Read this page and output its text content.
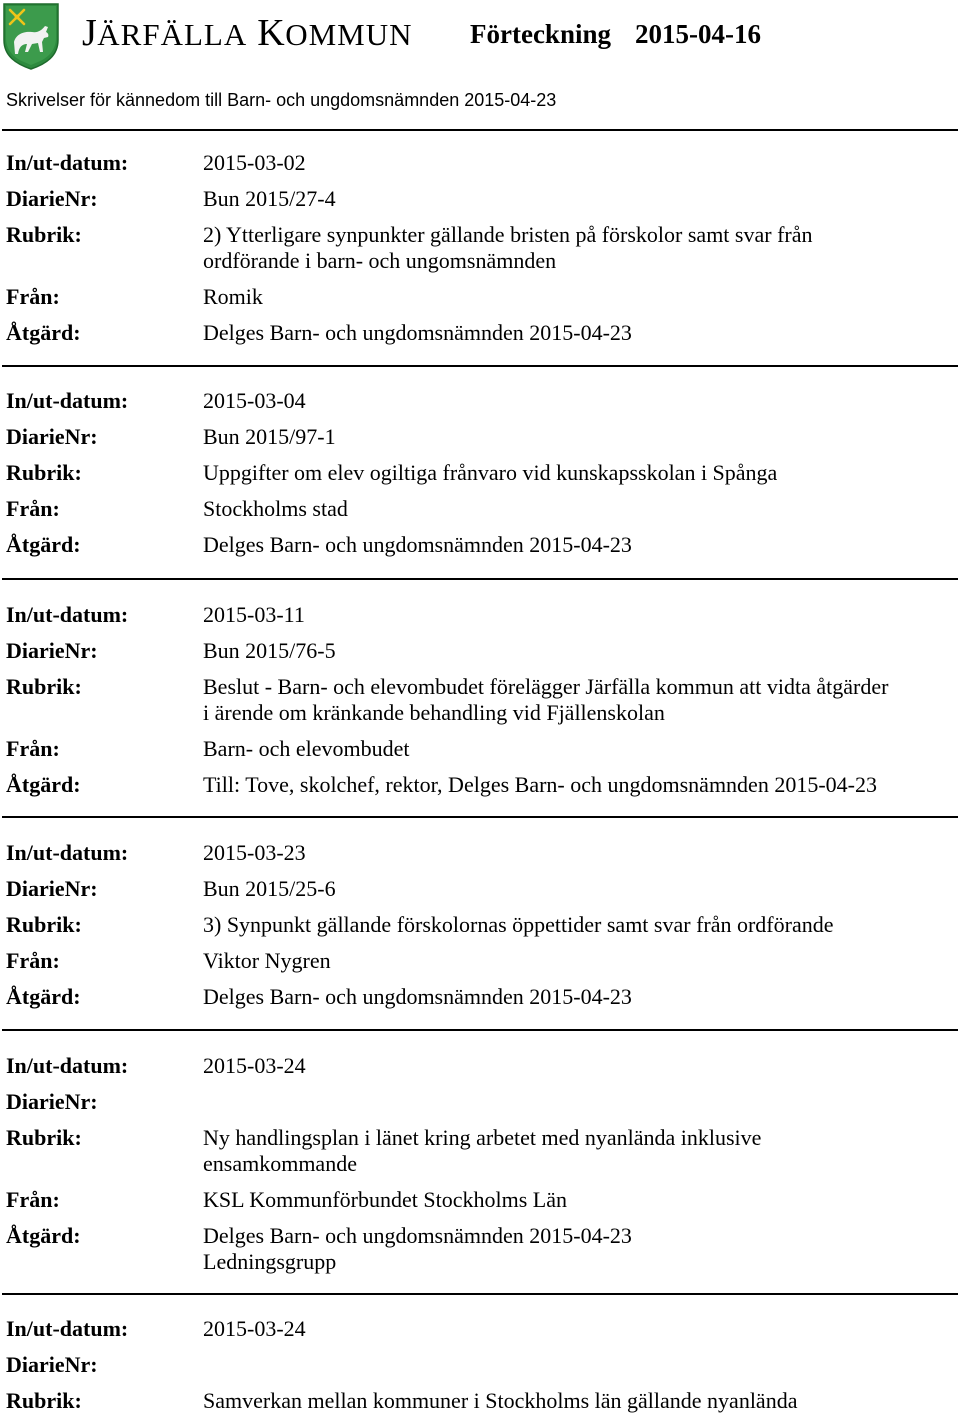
JÄRFÄLLA KOMMUN Förteckning 2015-04-16
Skrivelser för kännedom till Barn- och ungdomsnämnden 2015-04-23
In/ut-datum:	2015-03-02
DiarieNr:	Bun 2015/27-4
Rubrik:	2) Ytterligare synpunkter gällande bristen på förskolor samt svar från
ordförande i barn- och ungomsnämnden
Från:	Romik
Åtgärd:	Delges Barn- och ungdomsnämnden 2015-04-23
In/ut-datum:	2015-03-04
DiarieNr:	Bun 2015/97-1
Rubrik:	Uppgifter om elev ogiltiga frånvaro vid kunskapsskolan i Spånga
Från:	Stockholms stad
Åtgärd:	Delges Barn- och ungdomsnämnden 2015-04-23
In/ut-datum:	2015-03-11
DiarieNr:	Bun 2015/76-5
Rubrik:	Beslut - Barn- och elevombudet förelägger Järfälla kommun att vidta åtgärder
i ärende om kränkande behandling vid Fjällenskolan
Från:	Barn- och elevombudet
Åtgärd:	Till: Tove, skolchef, rektor, Delges Barn- och ungdomsnämnden 2015-04-23
In/ut-datum:	2015-03-23
DiarieNr:	Bun 2015/25-6
Rubrik:	3) Synpunkt gällande förskolornas öppettider samt svar från ordförande
Från:	Viktor Nygren
Åtgärd:	Delges Barn- och ungdomsnämnden 2015-04-23
In/ut-datum:	2015-03-24
DiarieNr:
Rubrik:	Ny handlingsplan i länet kring arbetet med nyanlända inklusive
ensamkommande
Från:	KSL Kommunförbundet Stockholms Län
Åtgärd:	Delges Barn- och ungdomsnämnden 2015-04-23
Ledningsgrupp
In/ut-datum:	2015-03-24
DiarieNr:
Rubrik:	Samverkan mellan kommuner i Stockholms län gällande nyanlända
